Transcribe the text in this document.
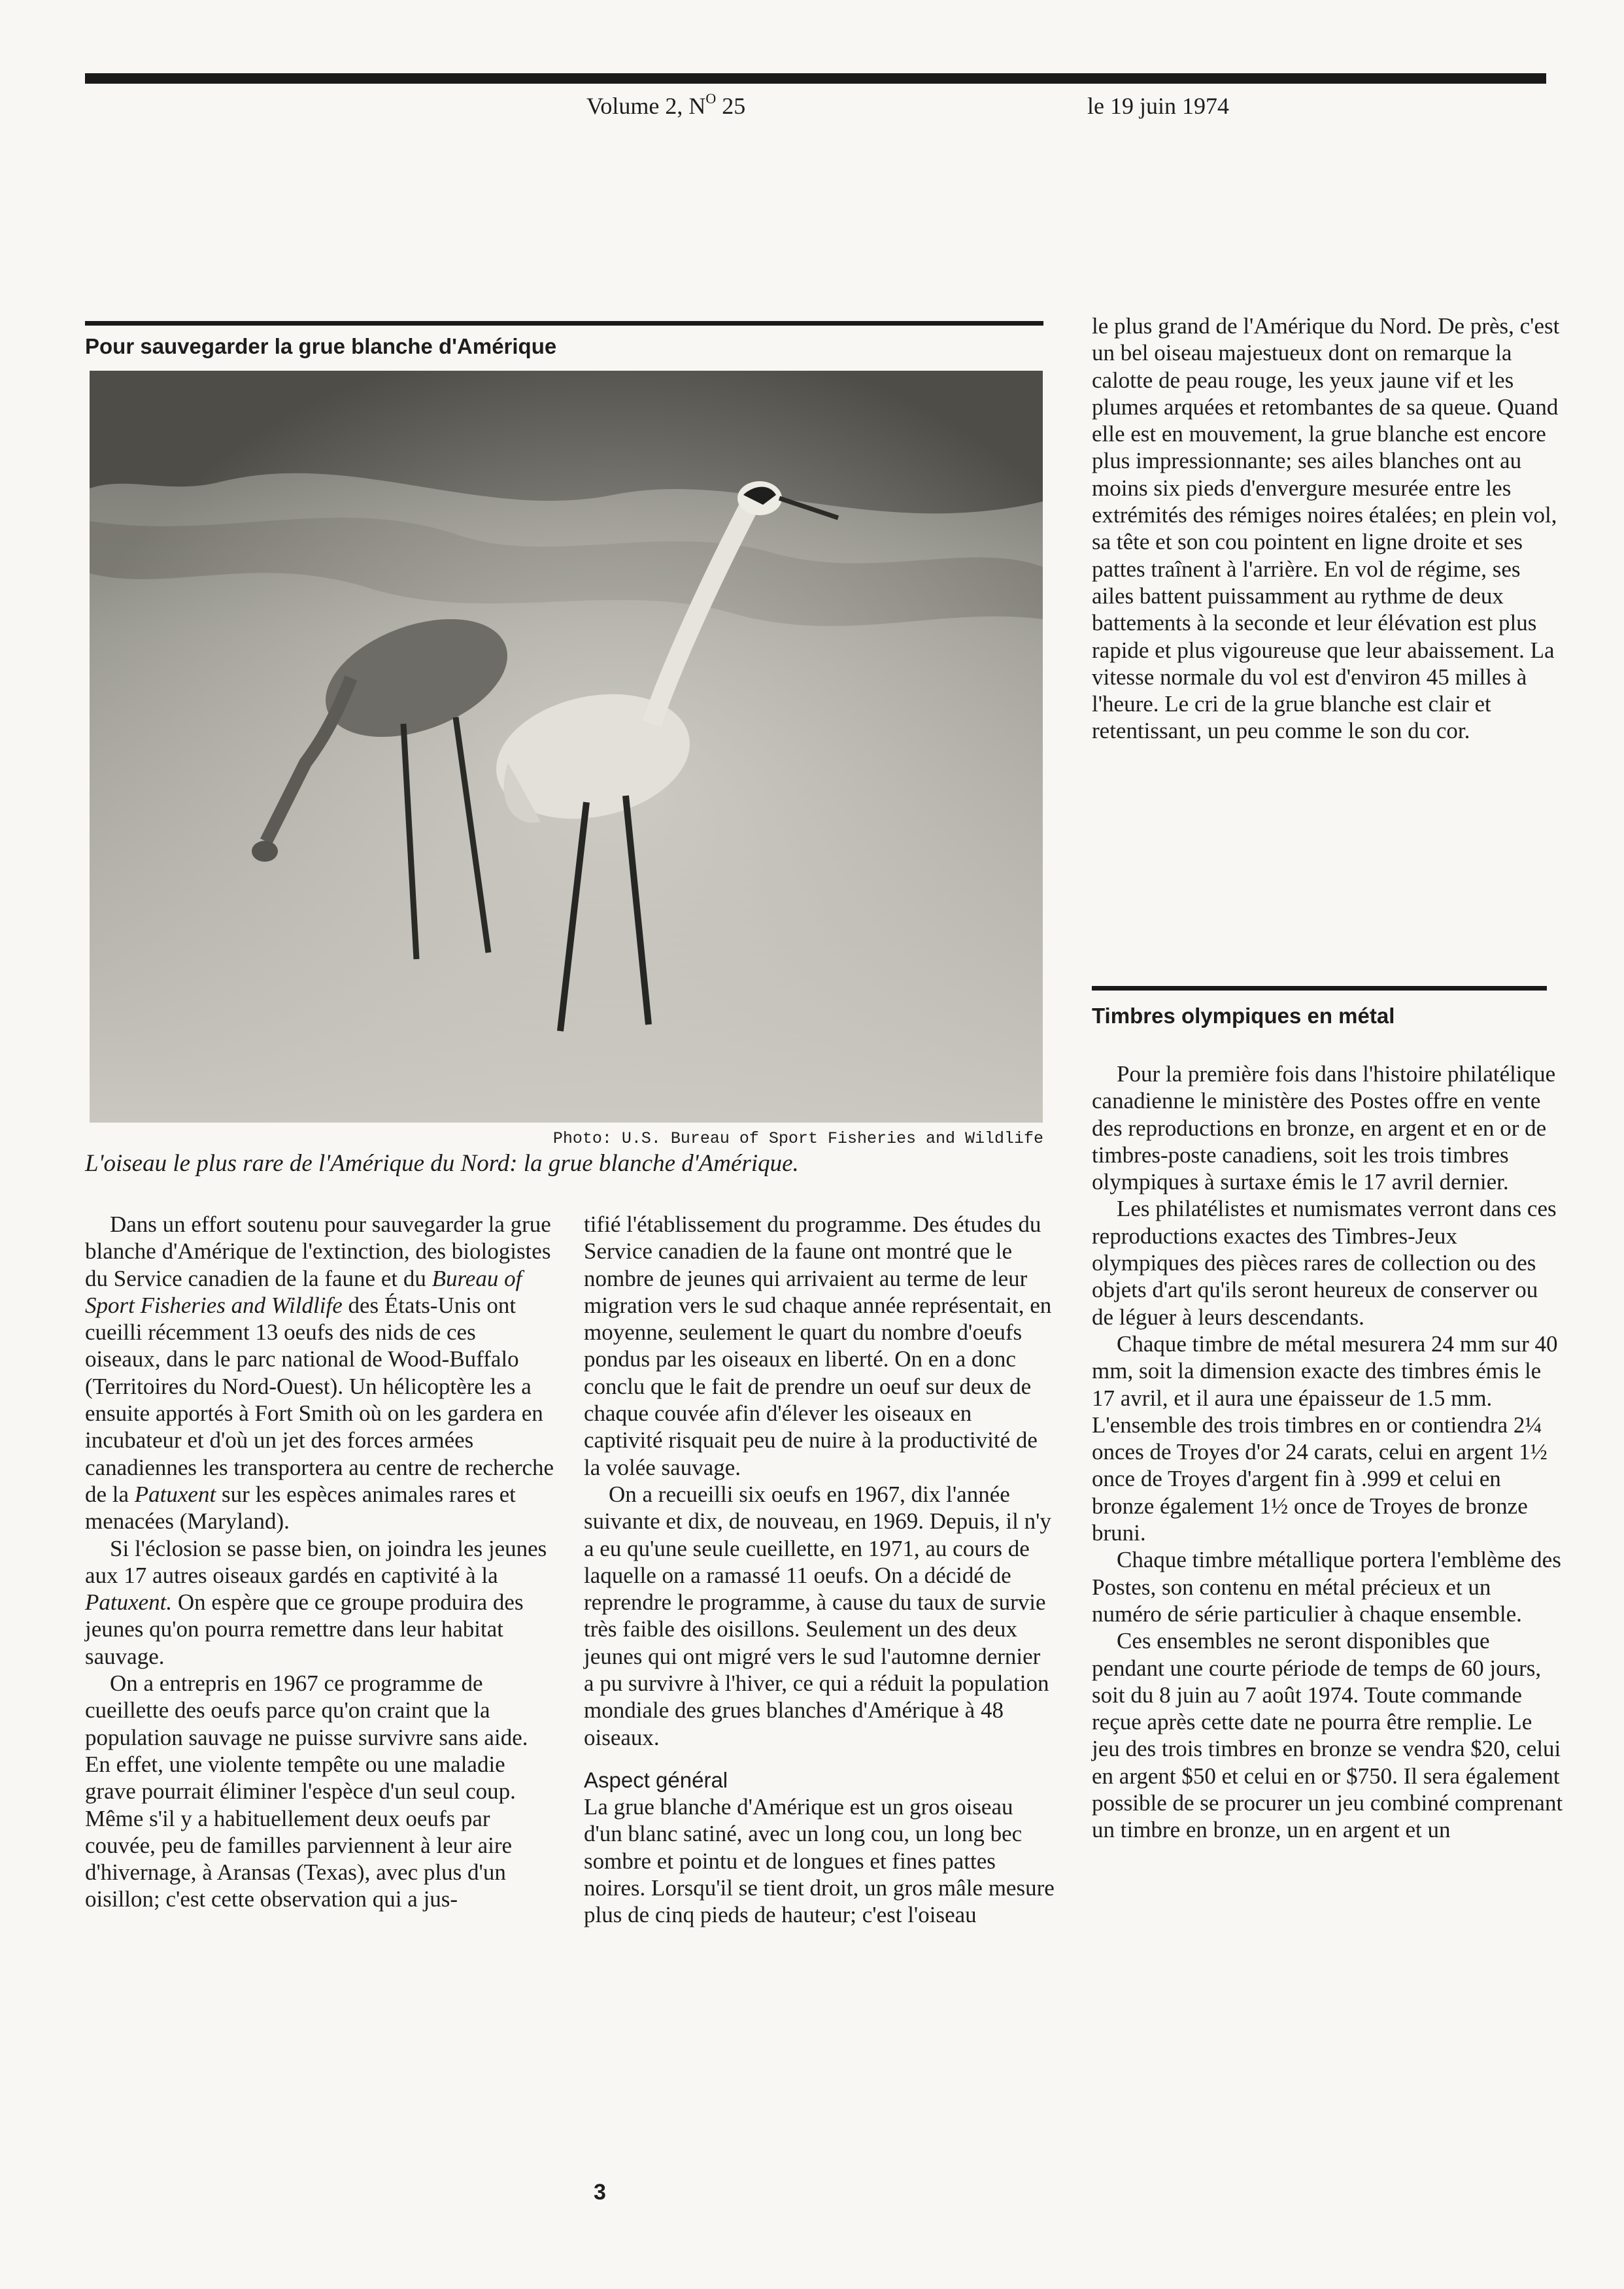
Volume 2, $N^O$ 25	le 19 juin 1974
Pour sauvegarder la grue blanche d'Amérique
Photo: U.S. Bureau of Sport Fisheries and Wildlife
L'oiseau le plus rare de l'Amérique du Nord: la grue blanche d'Amérique.

Dans un effort soutenu pour sauvegarder la grue blanche d'Amérique de l'extinction, des biologistes du Service canadien de la faune et du Bureau of Sport Fisheries and Wildlife des États-Unis ont cueilli récemment 13 oeufs des nids de ces oiseaux, dans le parc national de Wood-Buffalo (Territoires du Nord-Ouest). Un hélicoptère les a ensuite apportés à Fort Smith où on les gardera en incubateur et d'où un jet des forces armées canadiennes les transportera au centre de recherche de la Patuxent sur les espèces animales rares et menacées (Maryland).

Si l'éclosion se passe bien, on joindra les jeunes aux 17 autres oiseaux gardés en captivité à la Patuxent. On espère que ce groupe produira des jeunes qu'on pourra remettre dans leur habitat sauvage.

On a entrepris en 1967 ce programme de cueillette des oeufs parce qu'on craint que la population sauvage ne puisse survivre sans aide. En effet, une violente tempête ou une maladie grave pourrait éliminer l'espèce d'un seul coup. Même s'il y a habituellement deux oeufs par couvée, peu de familles parviennent à leur aire d'hivernage, à Aransas (Texas), avec plus d'un oisillon; c'est cette observation qui a jus-

tifié l'établissement du programme. Des études du Service canadien de la faune ont montré que le nombre de jeunes qui arrivaient au terme de leur migration vers le sud chaque année représentait, en moyenne, seulement le quart du nombre d'oeufs pondus par les oiseaux en liberté. On en a donc conclu que le fait de prendre un oeuf sur deux de chaque couvée afin d'élever les oiseaux en captivité risquait peu de nuire à la productivité de la volée sauvage.

On a recueilli six oeufs en 1967, dix l'année suivante et dix, de nouveau, en 1969. Depuis, il n'y a eu qu'une seule cueillette, en 1971, au cours de laquelle on a ramassé 11 oeufs. On a décidé de reprendre le programme, à cause du taux de survie très faible des oisillons. Seulement un des deux jeunes qui ont migré vers le sud l'automne dernier a pu survivre à l'hiver, ce qui a réduit la population mondiale des grues blanches d'Amérique à 48 oiseaux.

Aspect général

La grue blanche d'Amérique est un gros oiseau d'un blanc satiné, avec un long cou, un long bec sombre et pointu et de longues et fines pattes noires. Lorsqu'il se tient droit, un gros mâle mesure plus de cinq pieds de hauteur; c'est l'oiseau

le plus grand de l'Amérique du Nord. De près, c'est un bel oiseau majestueux dont on remarque la calotte de peau rouge, les yeux jaune vif et les plumes arquées et retombantes de sa queue. Quand elle est en mouvement, la grue blanche est encore plus impressionnante; ses ailes blanches ont au moins six pieds d'envergure mesurée entre les extrémités des rémiges noires étalées; en plein vol, sa tête et son cou pointent en ligne droite et ses pattes traînent à l'arrière. En vol de régime, ses ailes battent puissamment au rythme de deux battements à la seconde et leur élévation est plus rapide et plus vigoureuse que leur abaissement. La vitesse normale du vol est d'environ 45 milles à l'heure. Le cri de la grue blanche est clair et retentissant, un peu comme le son du cor.

Timbres olympiques en métal

Pour la première fois dans l'histoire philatélique canadienne le ministère des Postes offre en vente des reproductions en bronze, en argent et en or de timbres-poste canadiens, soit les trois timbres olympiques à surtaxe émis le 17 avril dernier.

Les philatélistes et numismates verront dans ces reproductions exactes des Timbres-Jeux olympiques des pièces rares de collection ou des objets d'art qu'ils seront heureux de conserver ou de léguer à leurs descendants.

Chaque timbre de métal mesurera 24 mm sur 40 mm, soit la dimension exacte des timbres émis le 17 avril, et il aura une épaisseur de 1.5 mm. L'ensemble des trois timbres en or contiendra 2¼ onces de Troyes d'or 24 carats, celui en argent 1½ once de Troyes d'argent fin à .999 et celui en bronze également 1½ once de Troyes de bronze bruni.

Chaque timbre métallique portera l'emblème des Postes, son contenu en métal précieux et un numéro de série particulier à chaque ensemble.

Ces ensembles ne seront disponibles que pendant une courte période de temps de 60 jours, soit du 8 juin au 7 août 1974. Toute commande reçue après cette date ne pourra être remplie. Le jeu des trois timbres en bronze se vendra $20, celui en argent $50 et celui en or $750. Il sera également possible de se procurer un jeu combiné comprenant un timbre en bronze, un en argent et un

3
